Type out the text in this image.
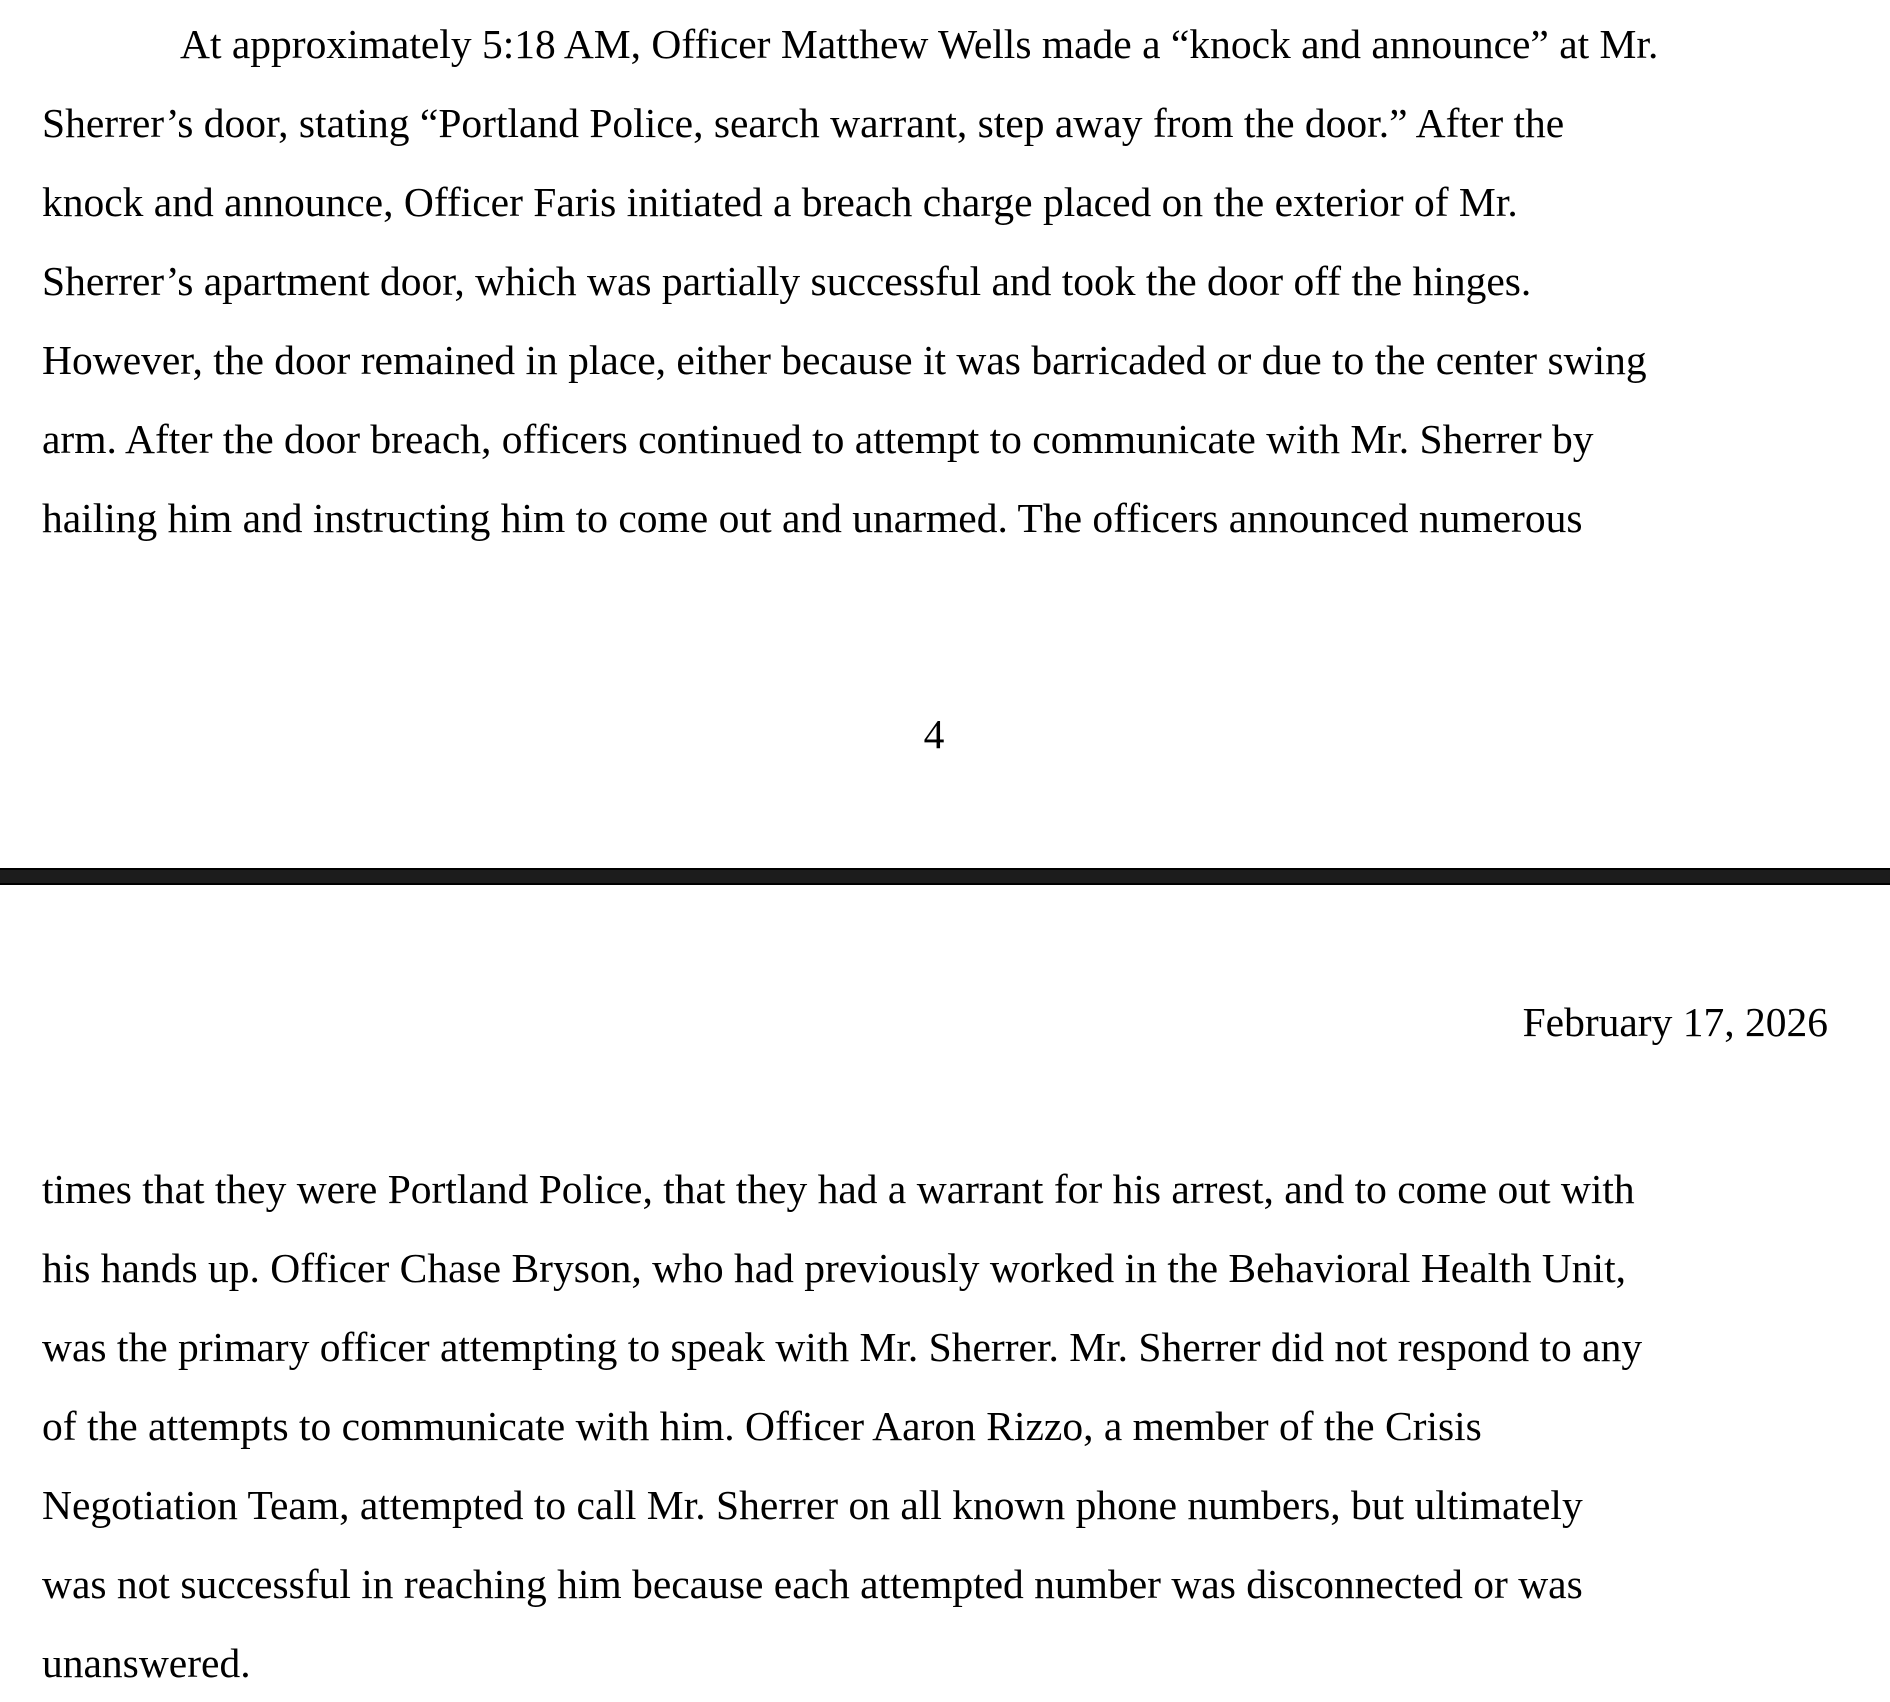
At approximately 5:18 AM, Officer Matthew Wells made a “knock and announce” at Mr.
Sherrer’s door, stating “Portland Police, search warrant, step away from the door.” After the
knock and announce, Officer Faris initiated a breach charge placed on the exterior of Mr.
Sherrer’s apartment door, which was partially successful and took the door off the hinges.
However, the door remained in place, either because it was barricaded or due to the center swing
arm. After the door breach, officers continued to attempt to communicate with Mr. Sherrer by
hailing him and instructing him to come out and unarmed. The officers announced numerous
4
February 17, 2026
times that they were Portland Police, that they had a warrant for his arrest, and to come out with
his hands up. Officer Chase Bryson, who had previously worked in the Behavioral Health Unit,
was the primary officer attempting to speak with Mr. Sherrer. Mr. Sherrer did not respond to any
of the attempts to communicate with him. Officer Aaron Rizzo, a member of the Crisis
Negotiation Team, attempted to call Mr. Sherrer on all known phone numbers, but ultimately
was not successful in reaching him because each attempted number was disconnected or was
unanswered.
